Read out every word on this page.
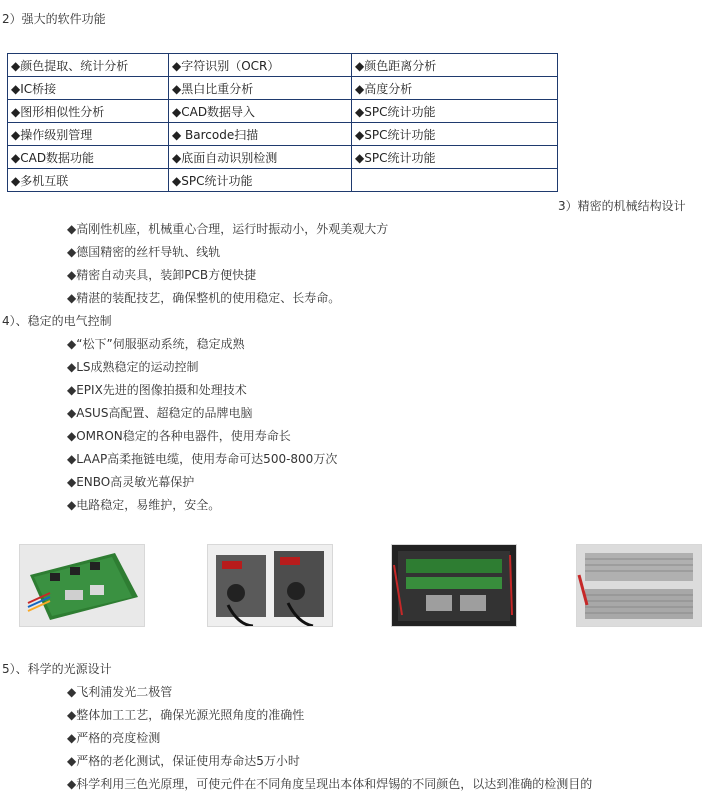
2）强大的软件功能
◆颜色提取、统计分析	◆字符识别（OCR）	◆颜色距离分析
◆IC桥接	◆黑白比重分析	◆高度分析
◆图形相似性分析	◆CAD数据导入	◆SPC统计功能
◆操作级别管理	◆ Barcode扫描	◆SPC统计功能
◆CAD数据功能	◆底面自动识别检测	◆SPC统计功能
◆多机互联	◆SPC统计功能	
3）精密的机械结构设计
◆高刚性机座，机械重心合理，运行时振动小，外观美观大方
◆德国精密的丝杆导轨、线轨
◆精密自动夹具，装卸PCB方便快捷
◆精湛的装配技艺，确保整机的使用稳定、长寿命。
4）、稳定的电气控制
◆“松下”伺服驱动系统，稳定成熟
◆LS成熟稳定的运动控制
◆EPIX先进的图像拍摄和处理技术
◆ASUS高配置、超稳定的品牌电脑
◆OMRON稳定的各种电器件，使用寿命长
◆LAAP高柔拖链电缆，使用寿命可达500-800万次
◆ENBO高灵敏光幕保护
◆电路稳定，易维护，安全。
5）、科学的光源设计
◆飞利浦发光二极管
◆整体加工工艺，确保光源光照角度的准确性
◆严格的亮度检测
◆严格的老化测试，保证使用寿命达5万小时
◆科学利用三色光原理，可使元件在不同角度呈现出本体和焊锡的不同颜色，以达到准确的检测目的
